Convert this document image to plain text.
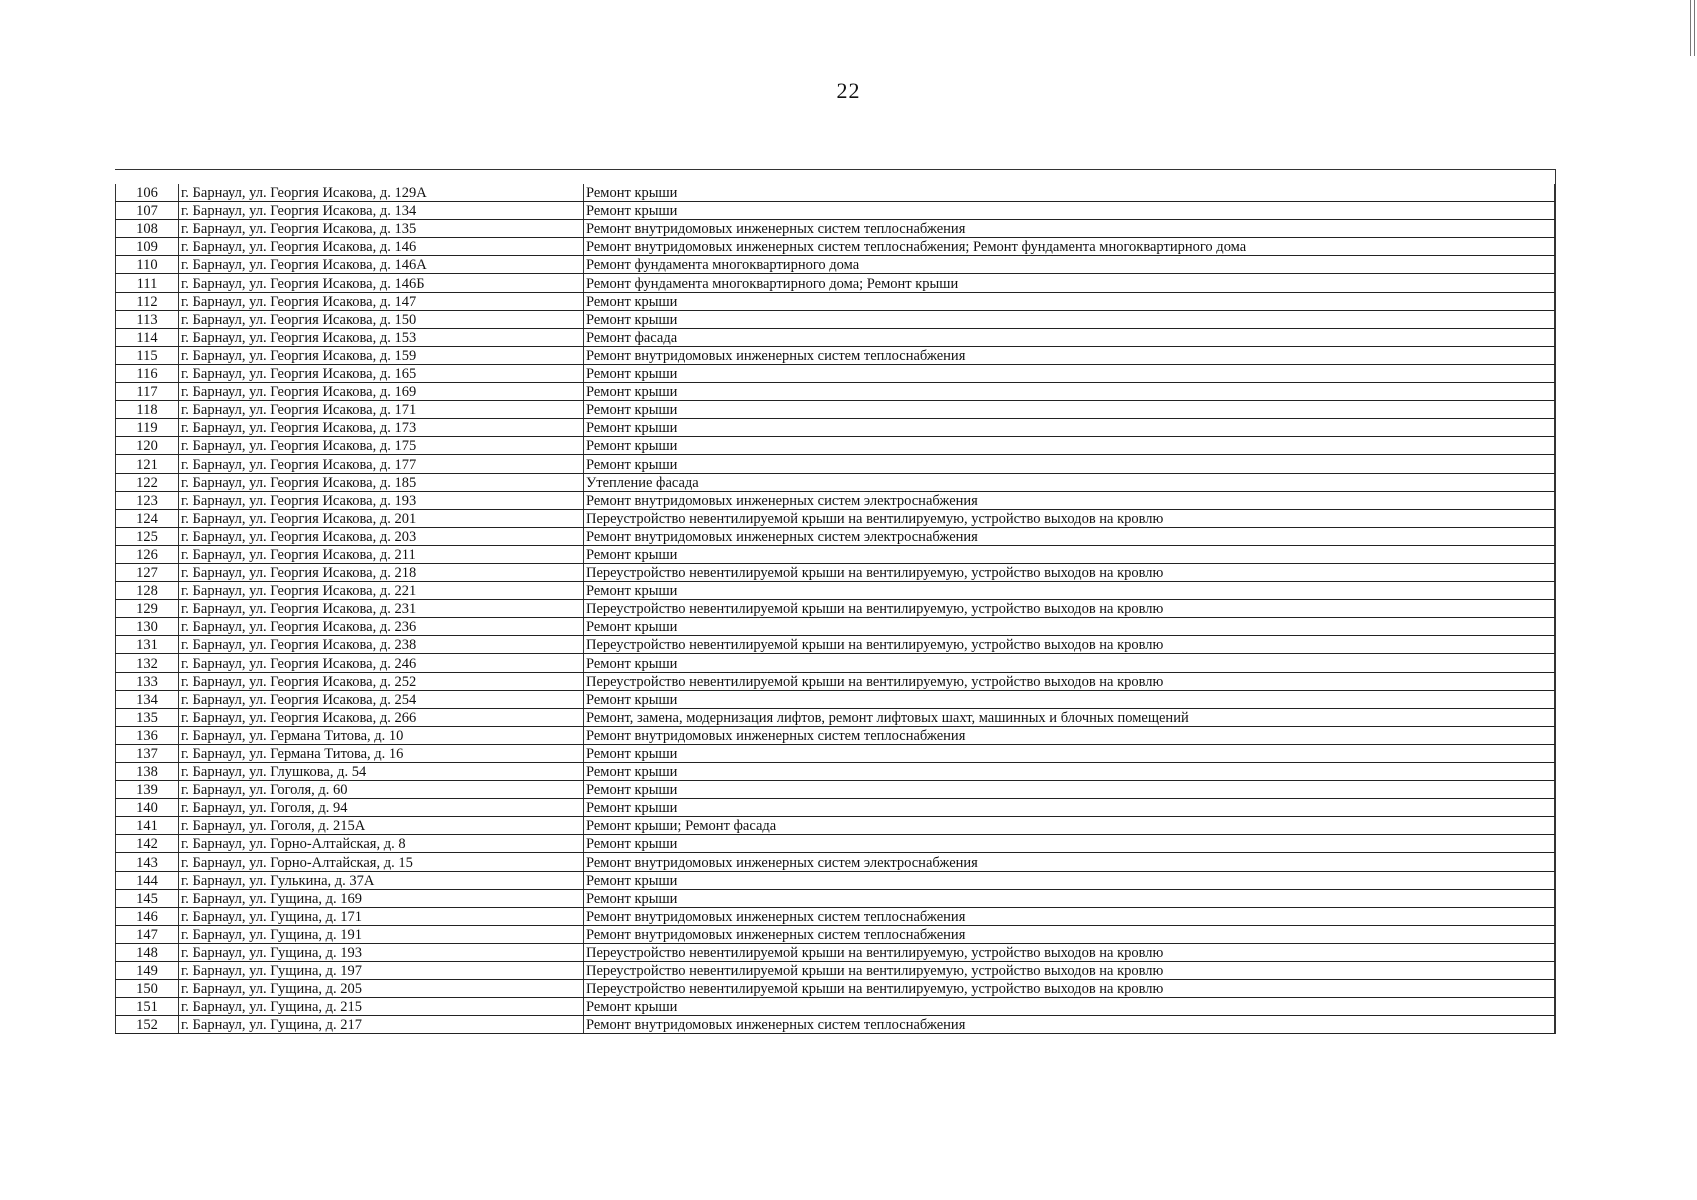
22
106	г. Барнаул, ул. Георгия Исакова, д. 129А	Ремонт крыши
107	г. Барнаул, ул. Георгия Исакова, д. 134	Ремонт крыши
108	г. Барнаул, ул. Георгия Исакова, д. 135	Ремонт внутридомовых инженерных систем теплоснабжения
109	г. Барнаул, ул. Георгия Исакова, д. 146	Ремонт внутридомовых инженерных систем теплоснабжения; Ремонт фундамента многоквартирного дома
110	г. Барнаул, ул. Георгия Исакова, д. 146А	Ремонт фундамента многоквартирного дома
111	г. Барнаул, ул. Георгия Исакова, д. 146Б	Ремонт фундамента многоквартирного дома; Ремонт крыши
112	г. Барнаул, ул. Георгия Исакова, д. 147	Ремонт крыши
113	г. Барнаул, ул. Георгия Исакова, д. 150	Ремонт крыши
114	г. Барнаул, ул. Георгия Исакова, д. 153	Ремонт фасада
115	г. Барнаул, ул. Георгия Исакова, д. 159	Ремонт внутридомовых инженерных систем теплоснабжения
116	г. Барнаул, ул. Георгия Исакова, д. 165	Ремонт крыши
117	г. Барнаул, ул. Георгия Исакова, д. 169	Ремонт крыши
118	г. Барнаул, ул. Георгия Исакова, д. 171	Ремонт крыши
119	г. Барнаул, ул. Георгия Исакова, д. 173	Ремонт крыши
120	г. Барнаул, ул. Георгия Исакова, д. 175	Ремонт крыши
121	г. Барнаул, ул. Георгия Исакова, д. 177	Ремонт крыши
122	г. Барнаул, ул. Георгия Исакова, д. 185	Утепление фасада
123	г. Барнаул, ул. Георгия Исакова, д. 193	Ремонт внутридомовых инженерных систем электроснабжения
124	г. Барнаул, ул. Георгия Исакова, д. 201	Переустройство невентилируемой крыши на вентилируемую, устройство выходов на кровлю
125	г. Барнаул, ул. Георгия Исакова, д. 203	Ремонт внутридомовых инженерных систем электроснабжения
126	г. Барнаул, ул. Георгия Исакова, д. 211	Ремонт крыши
127	г. Барнаул, ул. Георгия Исакова, д. 218	Переустройство невентилируемой крыши на вентилируемую, устройство выходов на кровлю
128	г. Барнаул, ул. Георгия Исакова, д. 221	Ремонт крыши
129	г. Барнаул, ул. Георгия Исакова, д. 231	Переустройство невентилируемой крыши на вентилируемую, устройство выходов на кровлю
130	г. Барнаул, ул. Георгия Исакова, д. 236	Ремонт крыши
131	г. Барнаул, ул. Георгия Исакова, д. 238	Переустройство невентилируемой крыши на вентилируемую, устройство выходов на кровлю
132	г. Барнаул, ул. Георгия Исакова, д. 246	Ремонт крыши
133	г. Барнаул, ул. Георгия Исакова, д. 252	Переустройство невентилируемой крыши на вентилируемую, устройство выходов на кровлю
134	г. Барнаул, ул. Георгия Исакова, д. 254	Ремонт крыши
135	г. Барнаул, ул. Георгия Исакова, д. 266	Ремонт, замена, модернизация лифтов, ремонт лифтовых шахт, машинных и блочных помещений
136	г. Барнаул, ул. Германа Титова, д. 10	Ремонт внутридомовых инженерных систем теплоснабжения
137	г. Барнаул, ул. Германа Титова, д. 16	Ремонт крыши
138	г. Барнаул, ул. Глушкова, д. 54	Ремонт крыши
139	г. Барнаул, ул. Гоголя, д. 60	Ремонт крыши
140	г. Барнаул, ул. Гоголя, д. 94	Ремонт крыши
141	г. Барнаул, ул. Гоголя, д. 215А	Ремонт крыши; Ремонт фасада
142	г. Барнаул, ул. Горно-Алтайская, д. 8	Ремонт крыши
143	г. Барнаул, ул. Горно-Алтайская, д. 15	Ремонт внутридомовых инженерных систем электроснабжения
144	г. Барнаул, ул. Гулькина, д. 37А	Ремонт крыши
145	г. Барнаул, ул. Гущина, д. 169	Ремонт крыши
146	г. Барнаул, ул. Гущина, д. 171	Ремонт внутридомовых инженерных систем теплоснабжения
147	г. Барнаул, ул. Гущина, д. 191	Ремонт внутридомовых инженерных систем теплоснабжения
148	г. Барнаул, ул. Гущина, д. 193	Переустройство невентилируемой крыши на вентилируемую, устройство выходов на кровлю
149	г. Барнаул, ул. Гущина, д. 197	Переустройство невентилируемой крыши на вентилируемую, устройство выходов на кровлю
150	г. Барнаул, ул. Гущина, д. 205	Переустройство невентилируемой крыши на вентилируемую, устройство выходов на кровлю
151	г. Барнаул, ул. Гущина, д. 215	Ремонт крыши
152	г. Барнаул, ул. Гущина, д. 217	Ремонт внутридомовых инженерных систем теплоснабжения
